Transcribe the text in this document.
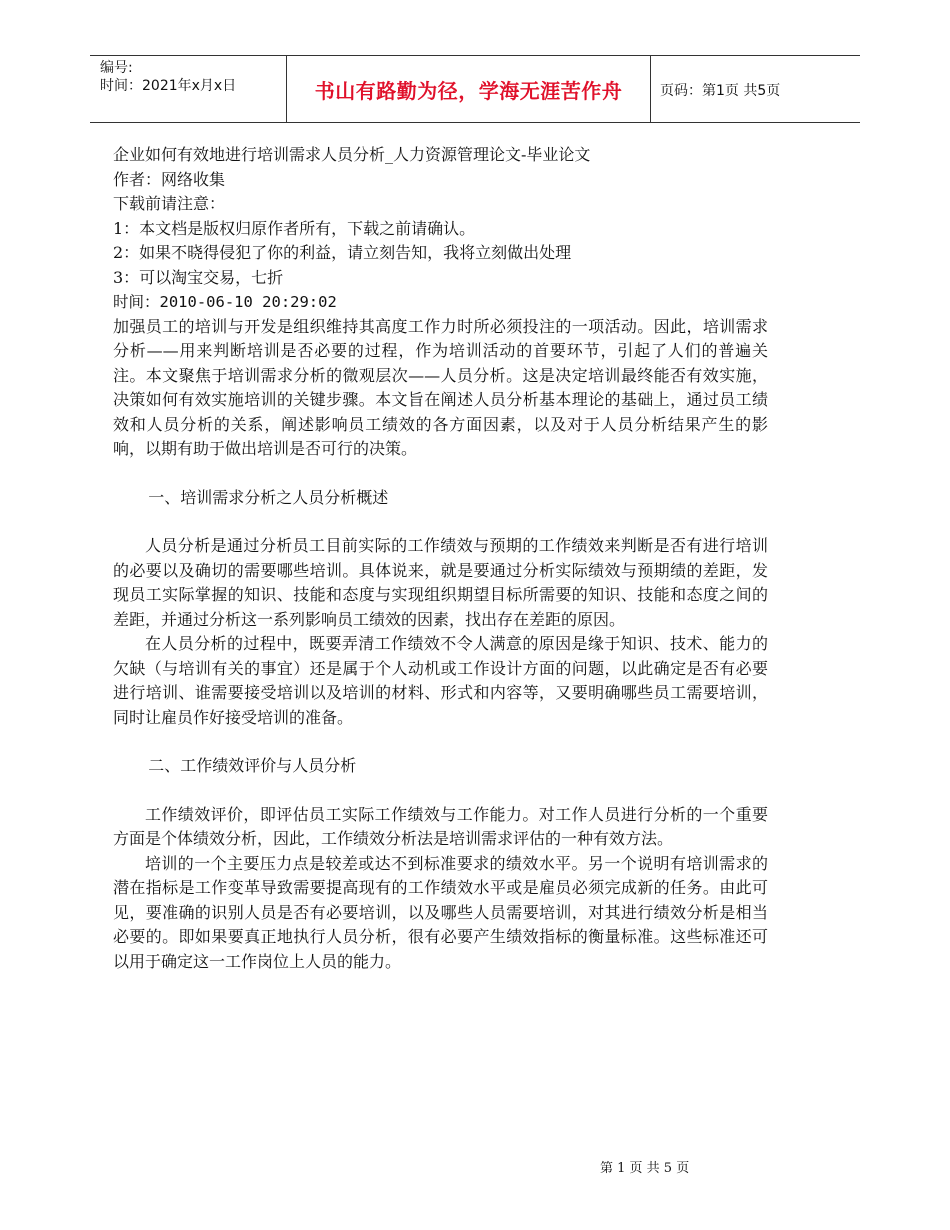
编号:
时间：2021年x月x日	书山有路勤为径，学海无涯苦作舟	页码：第1页 共5页
企业如何有效地进行培训需求人员分析_人力资源管理论文-毕业论文
作者：网络收集
下载前请注意：
1：本文档是版权归原作者所有，下载之前请确认。
2：如果不晓得侵犯了你的利益，请立刻告知，我将立刻做出处理
3：可以淘宝交易，七折
时间：2010-06-10 20:29:02
加强员工的培训与开发是组织维持其高度工作力时所必须投注的一项活动。因此，培训需求分析——用来判断培训是否必要的过程，作为培训活动的首要环节，引起了人们的普遍关注。本文聚焦于培训需求分析的微观层次——人员分析。这是决定培训最终能否有效实施，决策如何有效实施培训的关键步骤。本文旨在阐述人员分析基本理论的基础上，通过员工绩效和人员分析的关系，阐述影响员工绩效的各方面因素，以及对于人员分析结果产生的影响，以期有助于做出培训是否可行的决策。
一、培训需求分析之人员分析概述
人员分析是通过分析员工目前实际的工作绩效与预期的工作绩效来判断是否有进行培训的必要以及确切的需要哪些培训。具体说来，就是要通过分析实际绩效与预期绩的差距，发现员工实际掌握的知识、技能和态度与实现组织期望目标所需要的知识、技能和态度之间的差距，并通过分析这一系列影响员工绩效的因素，找出存在差距的原因。
在人员分析的过程中，既要弄清工作绩效不令人满意的原因是缘于知识、技术、能力的欠缺（与培训有关的事宜）还是属于个人动机或工作设计方面的问题，以此确定是否有必要进行培训、谁需要接受培训以及培训的材料、形式和内容等，又要明确哪些员工需要培训，同时让雇员作好接受培训的准备。
二、工作绩效评价与人员分析
工作绩效评价，即评估员工实际工作绩效与工作能力。对工作人员进行分析的一个重要方面是个体绩效分析，因此，工作绩效分析法是培训需求评估的一种有效方法。
培训的一个主要压力点是较差或达不到标准要求的绩效水平。另一个说明有培训需求的潜在指标是工作变革导致需要提高现有的工作绩效水平或是雇员必须完成新的任务。由此可见，要准确的识别人员是否有必要培训，以及哪些人员需要培训，对其进行绩效分析是相当必要的。即如果要真正地执行人员分析，很有必要产生绩效指标的衡量标准。这些标准还可以用于确定这一工作岗位上人员的能力。
第 1 页 共 5 页
